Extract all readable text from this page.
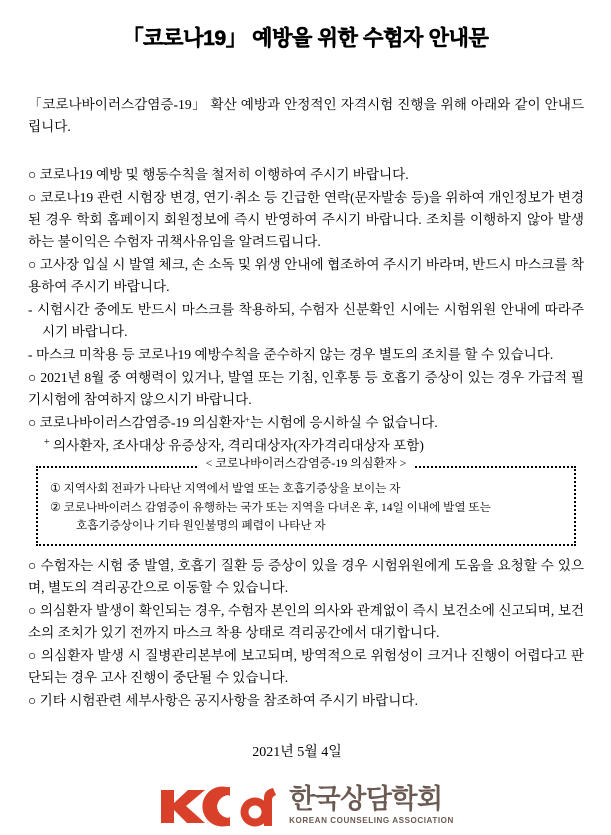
「코로나19」 예방을 위한 수험자 안내문

「코로나바이러스감염증-19」 확산 예방과 안정적인 자격시험 진행을 위해 아래와 같이 안내드립니다.

○ 코로나19 예방 및 행동수칙을 철저히 이행하여 주시기 바랍니다.

○ 코로나19 관련 시험장 변경, 연기·취소 등 긴급한 연락(문자발송 등)을 위하여 개인정보가 변경된 경우 학회 홈페이지 회원정보에 즉시 반영하여 주시기 바랍니다. 조치를 이행하지 않아 발생하는 불이익은 수험자 귀책사유임을 알려드립니다.

○ 고사장 입실 시 발열 체크, 손 소독 및 위생 안내에 협조하여 주시기 바라며, 반드시 마스크를 착용하여 주시기 바랍니다.

- 시험시간 중에도 반드시 마스크를 착용하되, 수험자 신분확인 시에는 시험위원 안내에 따라주시기 바랍니다.

- 마스크 미착용 등 코로나19 예방수칙을 준수하지 않는 경우 별도의 조치를 할 수 있습니다.

○ 2021년 8월 중 여행력이 있거나, 발열 또는 기침, 인후통 등 호흡기 증상이 있는 경우 가급적 필기시험에 참여하지 않으시기 바랍니다.

○ 코로나바이러스감염증-19 의심환자+는 시험에 응시하실 수 없습니다.

+ 의사환자, 조사대상 유증상자, 격리대상자(자가격리대상자 포함)

< 코로나바이러스감염증-19 의심환자 >

① 지역사회 전파가 나타난 지역에서 발열 또는 호흡기증상을 보이는 자

② 코로나바이러스 감염증이 유행하는 국가 또는 지역을 다녀온 후, 14일 이내에 발열 또는

호흡기증상이나 기타 원인불명의 폐렴이 나타난 자

○ 수험자는 시험 중 발열, 호흡기 질환 등 증상이 있을 경우 시험위원에게 도움을 요청할 수 있으며, 별도의 격리공간으로 이동할 수 있습니다.

○ 의심환자 발생이 확인되는 경우, 수험자 본인의 의사와 관계없이 즉시 보건소에 신고되며, 보건소의 조치가 있기 전까지 마스크 착용 상태로 격리공간에서 대기합니다.

○ 의심환자 발생 시 질병관리본부에 보고되며, 방역적으로 위험성이 크거나 진행이 어렵다고 판단되는 경우 고사 진행이 중단될 수 있습니다.

○ 기타 시험관련 세부사항은 공지사항을 참조하여 주시기 바랍니다.

2021년 5월 4일

한국상담학회
KOREAN COUNSELING ASSOCIATION
